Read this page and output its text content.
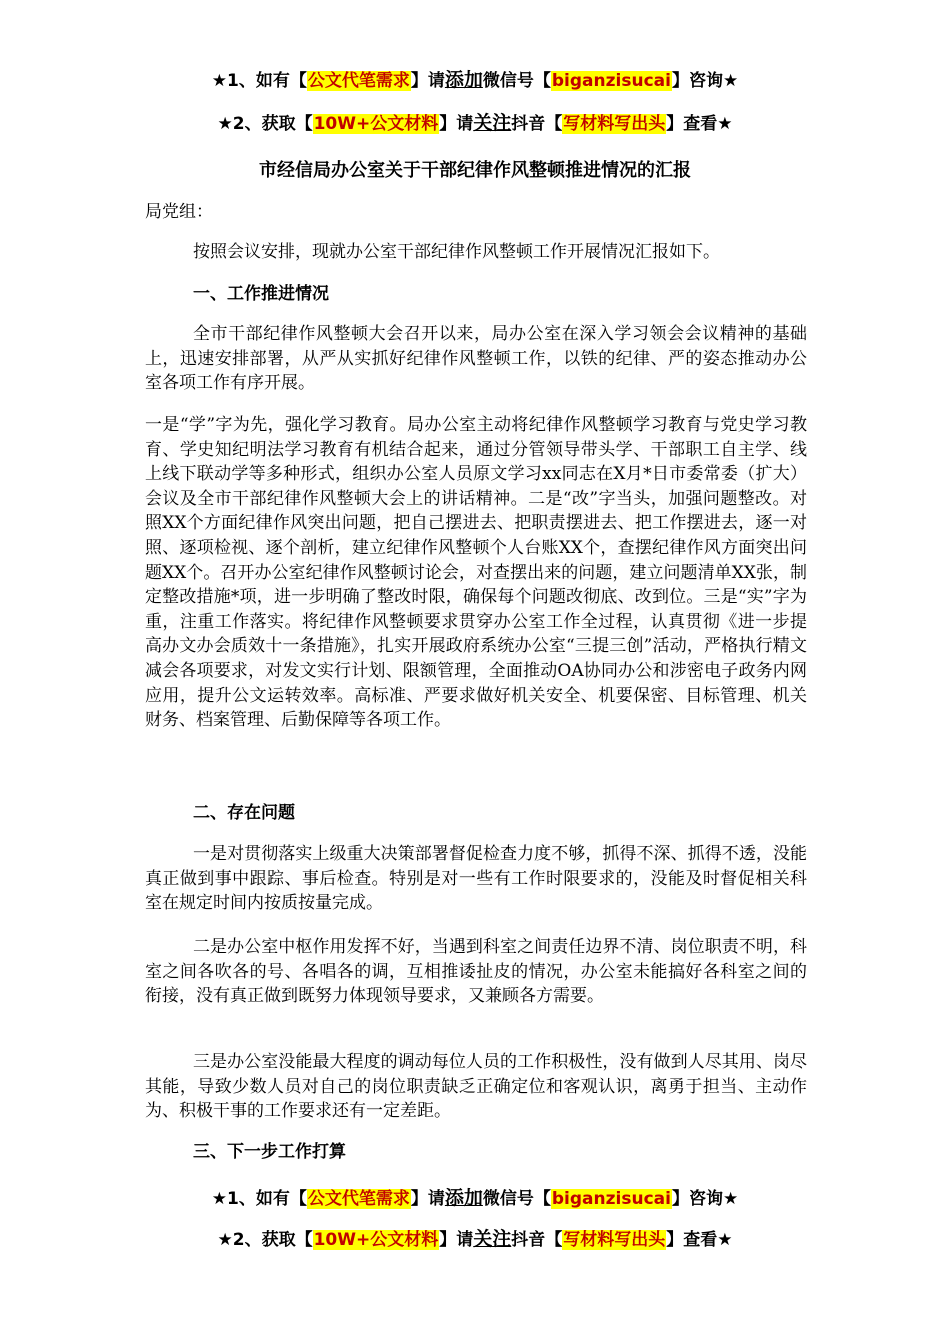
★1、如有【公文代笔需求】请添加微信号【biganzisucai】咨询★
★2、获取【10W+公文材料】请关注抖音【写材料写出头】查看★
市经信局办公室关于干部纪律作风整顿推进情况的汇报
局党组：

按照会议安排，现就办公室干部纪律作风整顿工作开展情况汇报如下。

一、工作推进情况

全市干部纪律作风整顿大会召开以来，局办公室在深入学习领会会议精神的基础上，迅速安排部署，从严从实抓好纪律作风整顿工作，以铁的纪律、严的姿态推动办公室各项工作有序开展。

一是“学”字为先，强化学习教育。局办公室主动将纪律作风整顿学习教育与党史学习教育、学史知纪明法学习教育有机结合起来，通过分管领导带头学、干部职工自主学、线上线下联动学等多种形式，组织办公室人员原文学习xx同志在X月*日市委常委（扩大）会议及全市干部纪律作风整顿大会上的讲话精神。二是“改”字当头，加强问题整改。对照XX个方面纪律作风突出问题，把自己摆进去、把职责摆进去、把工作摆进去，逐一对照、逐项检视、逐个剖析，建立纪律作风整顿个人台账XX个，查摆纪律作风方面突出问题XX个。召开办公室纪律作风整顿讨论会，对查摆出来的问题，建立问题清单XX张，制定整改措施*项，进一步明确了整改时限，确保每个问题改彻底、改到位。三是“实”字为重，注重工作落实。将纪律作风整顿要求贯穿办公室工作全过程，认真贯彻《进一步提高办文办会质效十一条措施》，扎实开展政府系统办公室“三提三创”活动，严格执行精文减会各项要求，对发文实行计划、限额管理，全面推动OA协同办公和涉密电子政务内网应用，提升公文运转效率。高标准、严要求做好机关安全、机要保密、目标管理、机关财务、档案管理、后勤保障等各项工作。

二、存在问题

一是对贯彻落实上级重大决策部署督促检查力度不够，抓得不深、抓得不透，没能真正做到事中跟踪、事后检查。特别是对一些有工作时限要求的，没能及时督促相关科室在规定时间内按质按量完成。

二是办公室中枢作用发挥不好，当遇到科室之间责任边界不清、岗位职责不明，科室之间各吹各的号、各唱各的调，互相推诿扯皮的情况，办公室未能搞好各科室之间的衔接，没有真正做到既努力体现领导要求，又兼顾各方需要。

三是办公室没能最大程度的调动每位人员的工作积极性，没有做到人尽其用、岗尽其能，导致少数人员对自己的岗位职责缺乏正确定位和客观认识，离勇于担当、主动作为、积极干事的工作要求还有一定差距。

三、下一步工作打算
★1、如有【公文代笔需求】请添加微信号【biganzisucai】咨询★
★2、获取【10W+公文材料】请关注抖音【写材料写出头】查看★
